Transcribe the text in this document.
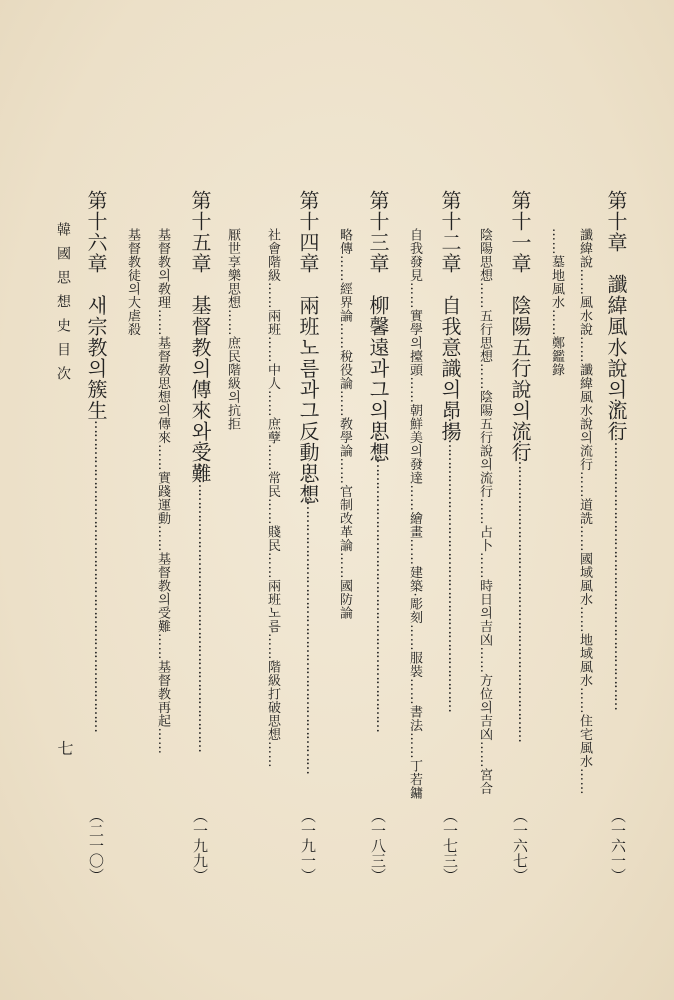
第十章　讖緯風水說의流行
………………………………………………………………
（一六一）
讖緯說……風水說……讖緯風水說의流行……道詵……國域風水……地域風水……住宅風水……
……墓地風水……鄭鑑錄
第十一章　陰陽五行說의流行
………………………………………………………………
（一六七）
陰陽思想……五行思想……陰陽五行說의流行……占卜……時日의吉凶……方位의吉凶……宮合
第十二章　自我意識의昂揚
………………………………………………………………
（一七三）
自我發見……實學의擡頭……朝鮮美의發達……繪畫……建築·彫刻……服裝……書法……丁若鏞
第十三章　柳馨遠과그의思想
………………………………………………………………
（一八三）
略傳……經界論……稅役論……敎學論……官制改革論……國防論
第十四章　兩班노름과그反動思想
………………………………………………………………
（一九一）
社會階級……兩班……中人……庶孽……常民……賤民……兩班노름……階級打破思想……
第十五章　基督教의傳來와受難
………………………………………………………………
（一九九）
厭世享樂思想……庶民階級의抗拒
基督教의敎理……基督敎思想의傳來……實踐運動……基督教의受難……基督教再起……
基督教徒의大虐殺
第十六章　새宗教의簇生
………………………………………………………………
（二一〇）
韓國思想史目次
七
